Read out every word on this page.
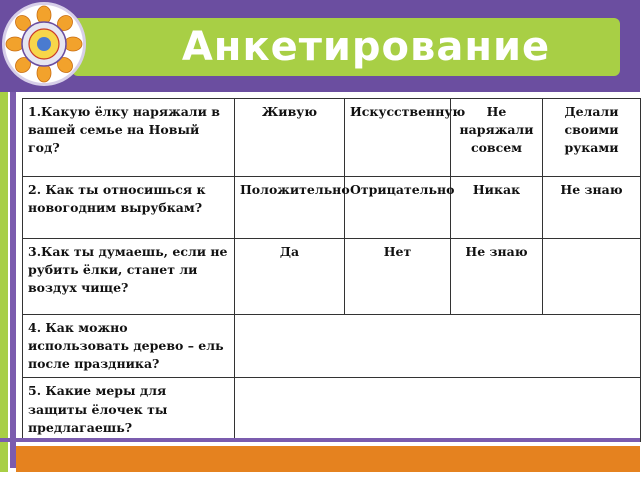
Анкетирование
1.Какую ёлку наряжали в вашей семье на Новый год?	Живую	Искусственную	Не наряжали совсем	Делали своими руками
2. Как ты относишься к новогодним вырубкам?	Положительно	Отрицательно	Никак	Не знаю
3.Как ты думаешь, если не рубить ёлки, станет ли воздух чище?	Да	Нет	Не знаю	
4. Как можно использовать дерево – ель после праздника?				
5. Какие меры для защиты ёлочек ты предлагаешь?				
